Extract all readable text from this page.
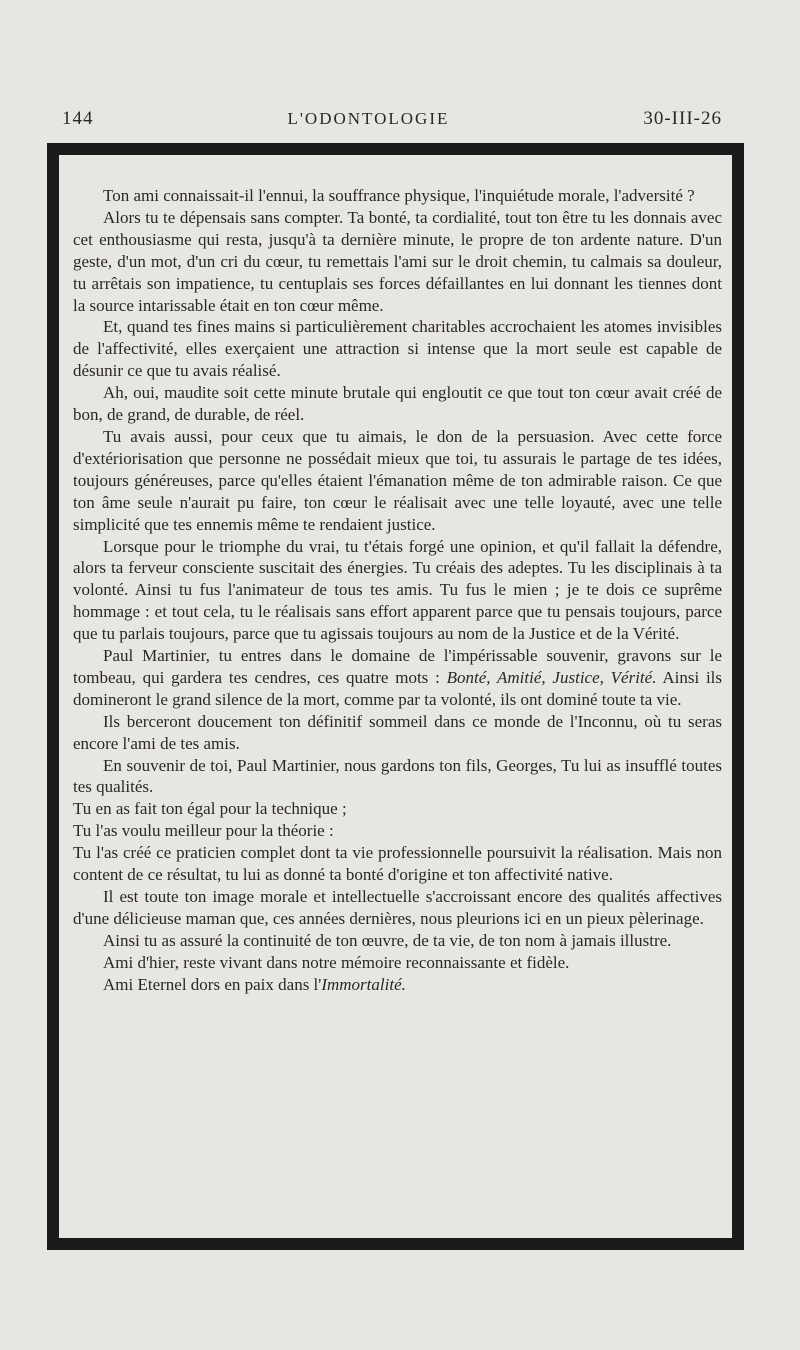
144	L'ODONTOLOGIE	30-III-26

Ton ami connaissait-il l'ennui, la souffrance physique, l'inquiétude morale, l'adversité ?

Alors tu te dépensais sans compter. Ta bonté, ta cordialité, tout ton être tu les donnais avec cet enthousiasme qui resta, jusqu'à ta dernière minute, le propre de ton ardente nature. D'un geste, d'un mot, d'un cri du cœur, tu remettais l'ami sur le droit chemin, tu calmais sa douleur, tu arrêtais son impatience, tu centuplais ses forces défaillantes en lui donnant les tiennes dont la source intarissable était en ton cœur même.

Et, quand tes fines mains si particulièrement charitables accrochaient les atomes invisibles de l'affectivité, elles exerçaient une attraction si intense que la mort seule est capable de désunir ce que tu avais réalisé.

Ah, oui, maudite soit cette minute brutale qui engloutit ce que tout ton cœur avait créé de bon, de grand, de durable, de réel.

Tu avais aussi, pour ceux que tu aimais, le don de la persuasion. Avec cette force d'extériorisation que personne ne possédait mieux que toi, tu assurais le partage de tes idées, toujours généreuses, parce qu'elles étaient l'émanation même de ton admirable raison. Ce que ton âme seule n'aurait pu faire, ton cœur le réalisait avec une telle loyauté, avec une telle simplicité que tes ennemis même te rendaient justice.

Lorsque pour le triomphe du vrai, tu t'étais forgé une opinion, et qu'il fallait la défendre, alors ta ferveur consciente suscitait des énergies. Tu créais des adeptes. Tu les disciplinais à ta volonté. Ainsi tu fus l'animateur de tous tes amis. Tu fus le mien ; je te dois ce suprême hommage : et tout cela, tu le réalisais sans effort apparent parce que tu pensais toujours, parce que tu parlais toujours, parce que tu agissais toujours au nom de la Justice et de la Vérité.

Paul Martinier, tu entres dans le domaine de l'impérissable souvenir, gravons sur le tombeau, qui gardera tes cendres, ces quatre mots : Bonté, Amitié, Justice, Vérité. Ainsi ils domineront le grand silence de la mort, comme par ta volonté, ils ont dominé toute ta vie.

Ils berceront doucement ton définitif sommeil dans ce monde de l'Inconnu, où tu seras encore l'ami de tes amis.

En souvenir de toi, Paul Martinier, nous gardons ton fils, Georges, Tu lui as insufflé toutes tes qualités.

Tu en as fait ton égal pour la technique ;

Tu l'as voulu meilleur pour la théorie :

Tu l'as créé ce praticien complet dont ta vie professionnelle poursuivit la réalisation. Mais non content de ce résultat, tu lui as donné ta bonté d'origine et ton affectivité native.

Il est toute ton image morale et intellectuelle s'accroissant encore des qualités affectives d'une délicieuse maman que, ces années dernières, nous pleurions ici en un pieux pèlerinage.

Ainsi tu as assuré la continuité de ton œuvre, de ta vie, de ton nom à jamais illustre.

Ami d'hier, reste vivant dans notre mémoire reconnaissante et fidèle.

Ami Eternel dors en paix dans l'Immortalité.
